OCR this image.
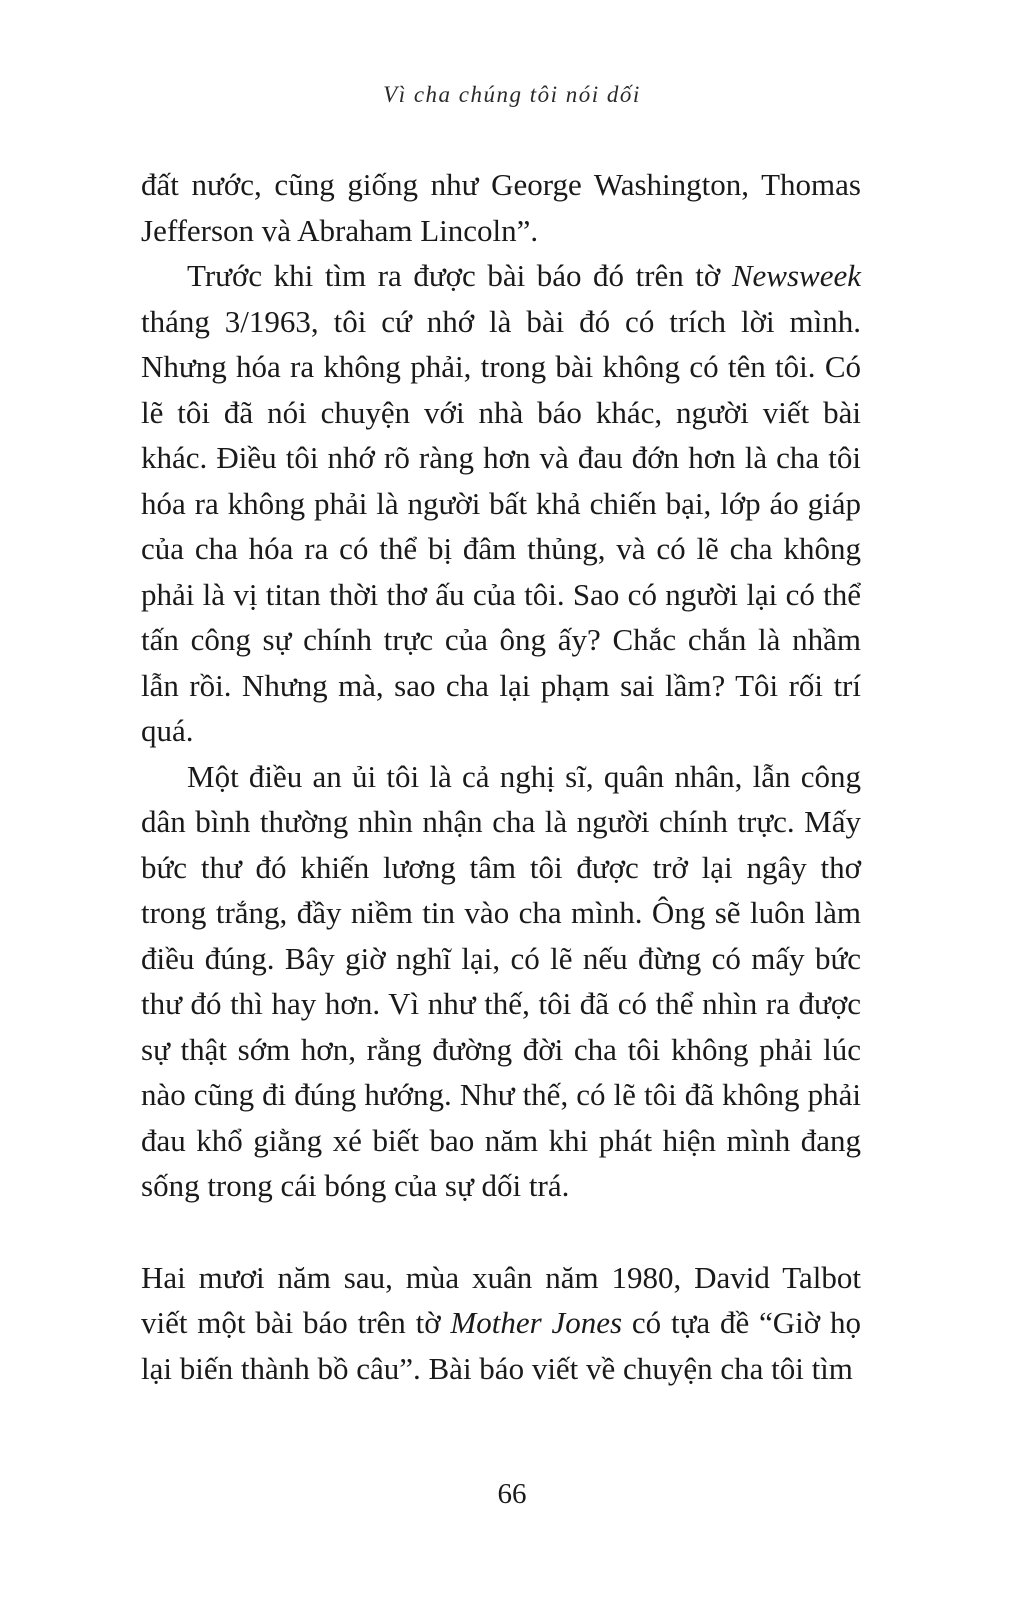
Vì cha chúng tôi nói dối

đất nước, cũng giống như George Washington, Thomas Jefferson và Abraham Lincoln”.

Trước khi tìm ra được bài báo đó trên tờ Newsweek tháng 3/1963, tôi cứ nhớ là bài đó có trích lời mình. Nhưng hóa ra không phải, trong bài không có tên tôi. Có lẽ tôi đã nói chuyện với nhà báo khác, người viết bài khác. Điều tôi nhớ rõ ràng hơn và đau đớn hơn là cha tôi hóa ra không phải là người bất khả chiến bại, lớp áo giáp của cha hóa ra có thể bị đâm thủng, và có lẽ cha không phải là vị titan thời thơ ấu của tôi. Sao có người lại có thể tấn công sự chính trực của ông ấy? Chắc chắn là nhầm lẫn rồi. Nhưng mà, sao cha lại phạm sai lầm? Tôi rối trí quá.

Một điều an ủi tôi là cả nghị sĩ, quân nhân, lẫn công dân bình thường nhìn nhận cha là người chính trực. Mấy bức thư đó khiến lương tâm tôi được trở lại ngây thơ trong trắng, đầy niềm tin vào cha mình. Ông sẽ luôn làm điều đúng. Bây giờ nghĩ lại, có lẽ nếu đừng có mấy bức thư đó thì hay hơn. Vì như thế, tôi đã có thể nhìn ra được sự thật sớm hơn, rằng đường đời cha tôi không phải lúc nào cũng đi đúng hướng. Như thế, có lẽ tôi đã không phải đau khổ giằng xé biết bao năm khi phát hiện mình đang sống trong cái bóng của sự dối trá.

Hai mươi năm sau, mùa xuân năm 1980, David Talbot viết một bài báo trên tờ Mother Jones có tựa đề “Giờ họ lại biến thành bồ câu”. Bài báo viết về chuyện cha tôi tìm

66
